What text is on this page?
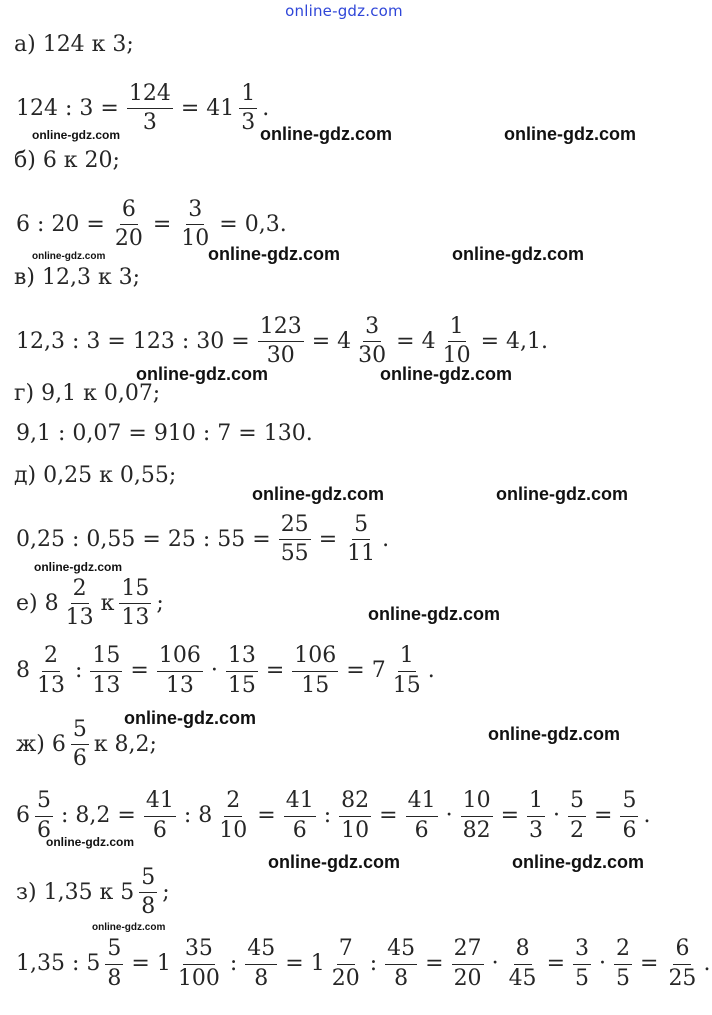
online-gdz.com
а) 124 к 3;
124 : $3 = \frac{124}{3} = 41 \frac{1}{3}$ .
б) 6 к 20;
6 : $20 = \frac{6}{20} = \frac{3}{10} = 0,3$.
в) 12,3 к 3;
12,3 : 3 = 123 : $30 = \frac{123}{30} = 4 \frac{3}{30} = 4 \frac{1}{10} = 4,1$.
г) 9,1 к 0,07;
9,1 : 0,07 = 910 : 7 = 130.
д) 0,25 к 0,55;
0,25 : 0,55 = 25 : $55 = \frac{25}{55} = \frac{5}{11}$ .
е) $8 \frac{2}{13}$ к $\frac{15}{13}$ ;
$8 \frac{2}{13}$ : $\frac{15}{13} = \frac{106}{13} \cdot \frac{13}{15} = \frac{106}{15} = 7 \frac{1}{15}$ .
ж) $6 \frac{5}{6}$ к 8,2;
$6 \frac{5}{6}$ : $8,2 = \frac{41}{6}$ : $8 \frac{2}{10} = \frac{41}{6}$ : $\frac{82}{10} = \frac{41}{6} \cdot \frac{10}{82} = \frac{1}{3} \cdot \frac{5}{2} = \frac{5}{6}$ .
з) 1,35 к $5 \frac{5}{8}$ ;
1,35 : $5 \frac{5}{8} = 1 \frac{35}{100}$ : $\frac{45}{8} = 1 \frac{7}{20}$ : $\frac{45}{8} = \frac{27}{20} \cdot \frac{8}{45} = \frac{3}{5} \cdot \frac{2}{5} = \frac{6}{25}$ .
online-gdz.com	online-gdz.com	online-gdz.com
online-gdz.com	online-gdz.com	online-gdz.com
online-gdz.com	online-gdz.com
online-gdz.com	online-gdz.com
online-gdz.com
online-gdz.com
online-gdz.com
online-gdz.com
online-gdz.com
online-gdz.com	online-gdz.com
online-gdz.com
